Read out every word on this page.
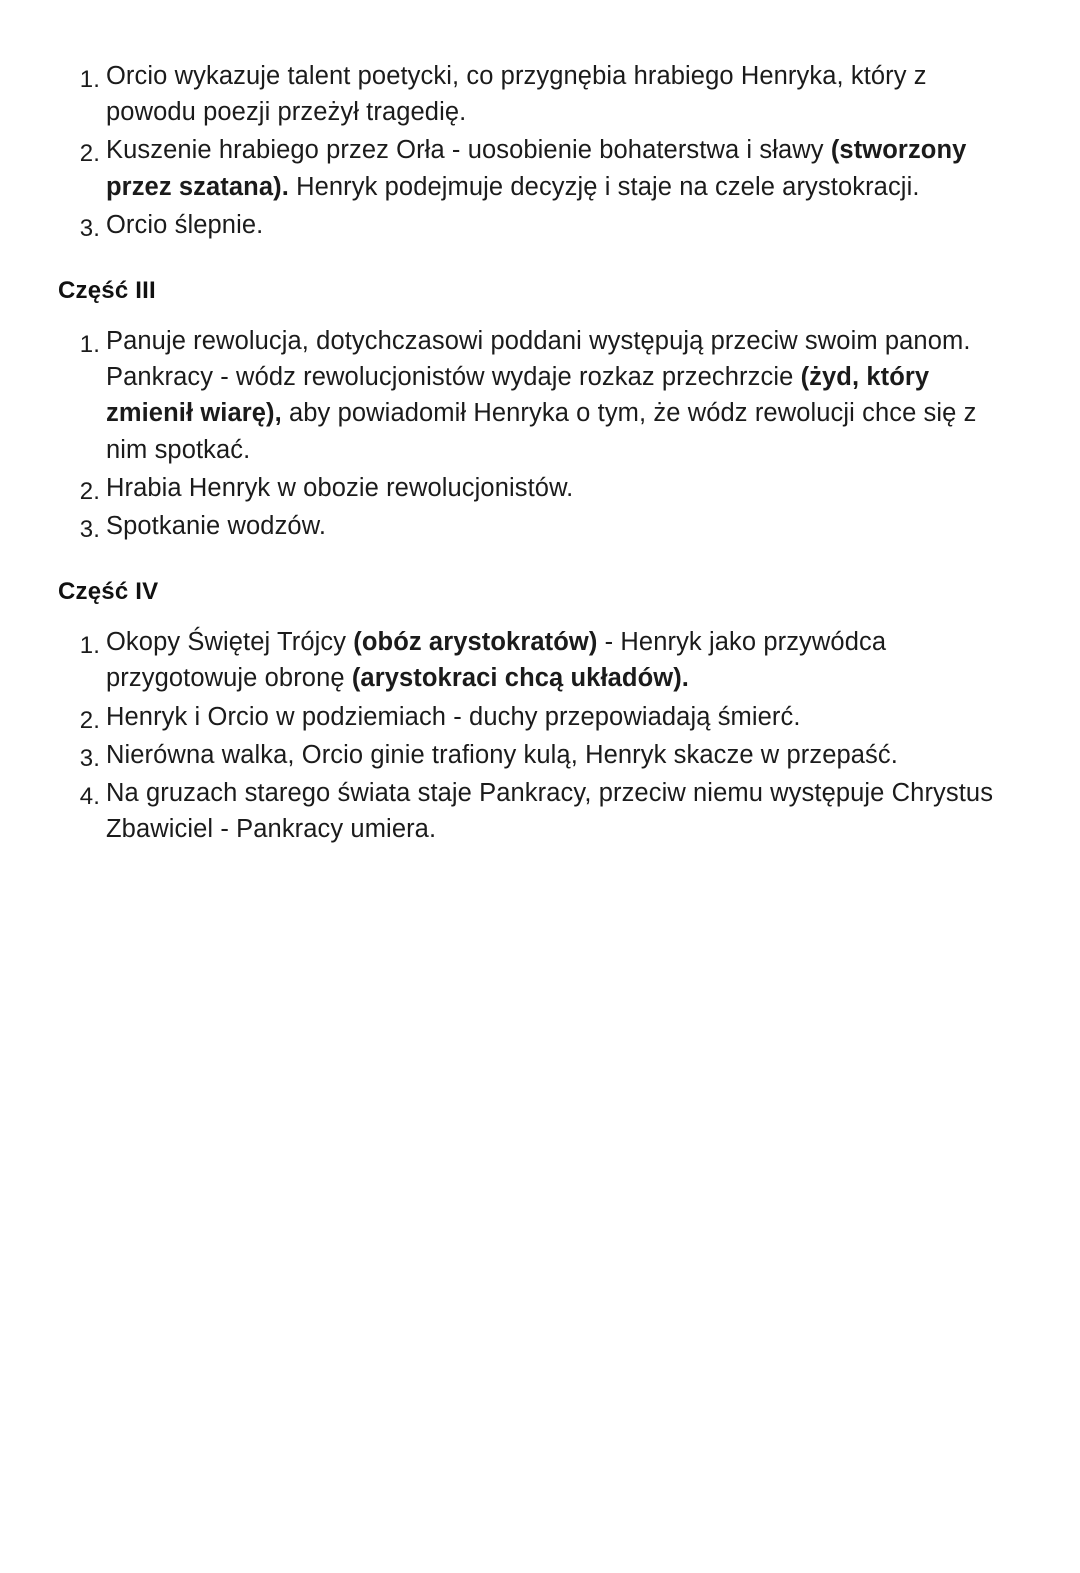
1. Orcio wykazuje talent poetycki, co przygnębia hrabiego Henryka, który z powodu poezji przeżył tragedię.
2. Kuszenie hrabiego przez Orła - uosobienie bohaterstwa i sławy (stworzony przez szatana). Henryk podejmuje decyzję i staje na czele arystokracji.
3. Orcio ślepnie.
Część III
1. Panuje rewolucja, dotychczasowi poddani występują przeciw swoim panom. Pankracy - wódz rewolucjonistów wydaje rozkaz przechrzcie (żyd, który zmienił wiarę), aby powiadomił Henryka o tym, że wódz rewolucji chce się z nim spotkać.
2. Hrabia Henryk w obozie rewolucjonistów.
3. Spotkanie wodzów.
Część IV
1. Okopy Świętej Trójcy (obóz arystokratów) - Henryk jako przywódca przygotowuje obronę (arystokraci chcą układów).
2. Henryk i Orcio w podziemiach - duchy przepowiadają śmierć.
3. Nierówna walka, Orcio ginie trafiony kulą, Henryk skacze w przepaść.
4. Na gruzach starego świata staje Pankracy, przeciw niemu występuje Chrystus Zbawiciel - Pankracy umiera.
